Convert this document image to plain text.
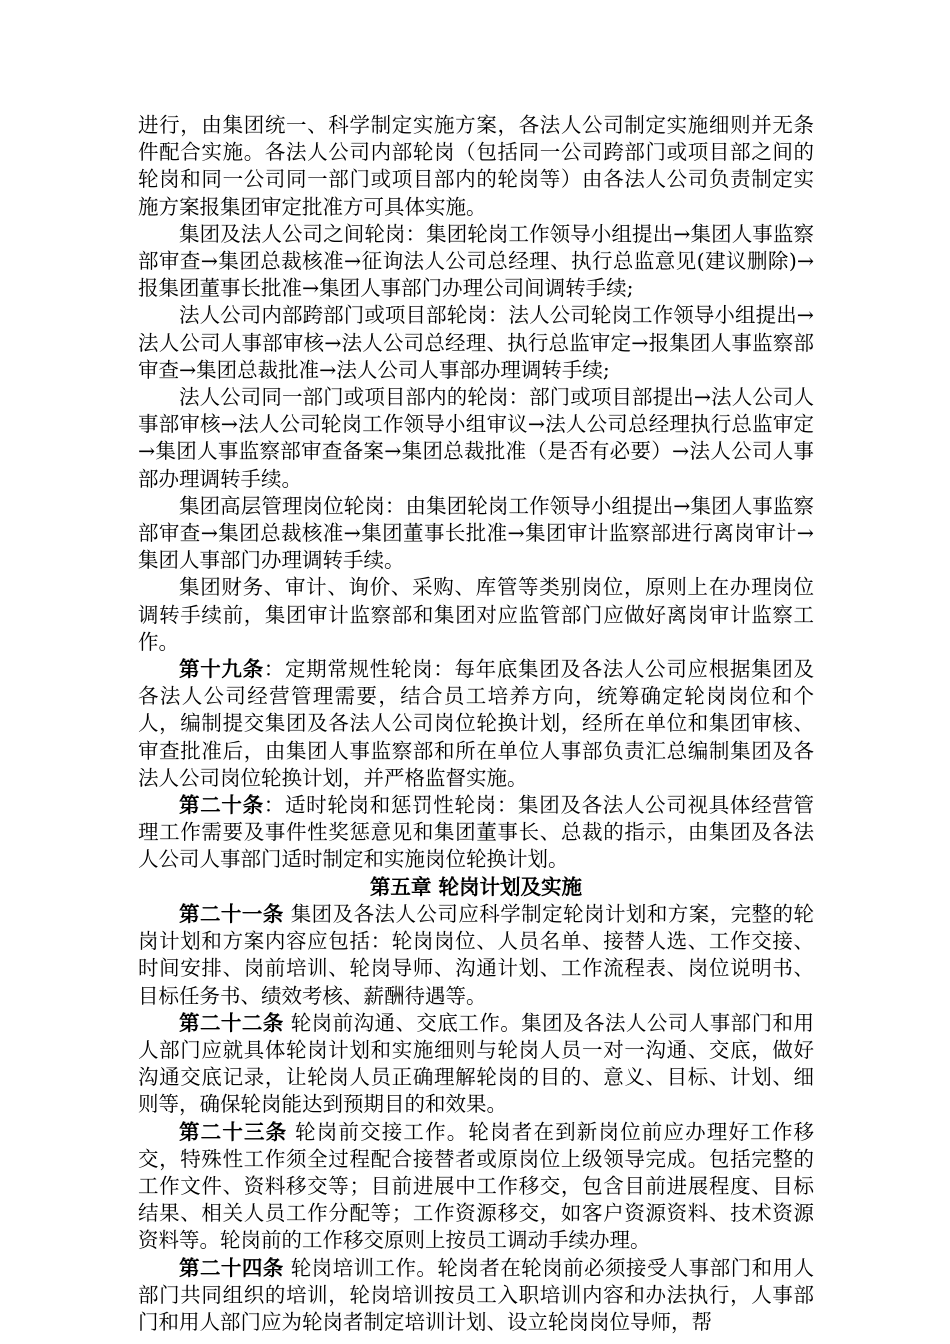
进行，由集团统一、科学制定实施方案，各法人公司制定实施细则并无条件配合实施。各法人公司内部轮岗（包括同一公司跨部门或项目部之间的轮岗和同一公司同一部门或项目部内的轮岗等）由各法人公司负责制定实施方案报集团审定批准方可具体实施。

集团及法人公司之间轮岗：集团轮岗工作领导小组提出→集团人事监察部审查→集团总裁核准→征询法人公司总经理、执行总监意见(建议删除)→报集团董事长批准→集团人事部门办理公司间调转手续;

法人公司内部跨部门或项目部轮岗：法人公司轮岗工作领导小组提出→法人公司人事部审核→法人公司总经理、执行总监审定→报集团人事监察部审查→集团总裁批准→法人公司人事部办理调转手续;

法人公司同一部门或项目部内的轮岗：部门或项目部提出→法人公司人事部审核→法人公司轮岗工作领导小组审议→法人公司总经理执行总监审定→集团人事监察部审查备案→集团总裁批准（是否有必要）→法人公司人事部办理调转手续。

集团高层管理岗位轮岗：由集团轮岗工作领导小组提出→集团人事监察部审查→集团总裁核准→集团董事长批准→集团审计监察部进行离岗审计→集团人事部门办理调转手续。

集团财务、审计、询价、采购、库管等类别岗位，原则上在办理岗位调转手续前，集团审计监察部和集团对应监管部门应做好离岗审计监察工作。

第十九条：定期常规性轮岗：每年底集团及各法人公司应根据集团及各法人公司经营管理需要，结合员工培养方向，统筹确定轮岗岗位和个人，编制提交集团及各法人公司岗位轮换计划，经所在单位和集团审核、审查批准后，由集团人事监察部和所在单位人事部负责汇总编制集团及各法人公司岗位轮换计划，并严格监督实施。

第二十条：适时轮岗和惩罚性轮岗：集团及各法人公司视具体经营管理工作需要及事件性奖惩意见和集团董事长、总裁的指示，由集团及各法人公司人事部门适时制定和实施岗位轮换计划。

第五章 轮岗计划及实施

第二十一条 集团及各法人公司应科学制定轮岗计划和方案，完整的轮岗计划和方案内容应包括：轮岗岗位、人员名单、接替人选、工作交接、时间安排、岗前培训、轮岗导师、沟通计划、工作流程表、岗位说明书、目标任务书、绩效考核、薪酬待遇等。

第二十二条 轮岗前沟通、交底工作。集团及各法人公司人事部门和用人部门应就具体轮岗计划和实施细则与轮岗人员一对一沟通、交底，做好沟通交底记录，让轮岗人员正确理解轮岗的目的、意义、目标、计划、细则等，确保轮岗能达到预期目的和效果。

第二十三条 轮岗前交接工作。轮岗者在到新岗位前应办理好工作移交，特殊性工作须全过程配合接替者或原岗位上级领导完成。包括完整的工作文件、资料移交等；目前进展中工作移交，包含目前进展程度、目标结果、相关人员工作分配等；工作资源移交，如客户资源资料、技术资源资料等。轮岗前的工作移交原则上按员工调动手续办理。

第二十四条 轮岗培训工作。轮岗者在轮岗前必须接受人事部门和用人部门共同组织的培训，轮岗培训按员工入职培训内容和办法执行，人事部门和用人部门应为轮岗者制定培训计划、设立轮岗岗位导师，帮
